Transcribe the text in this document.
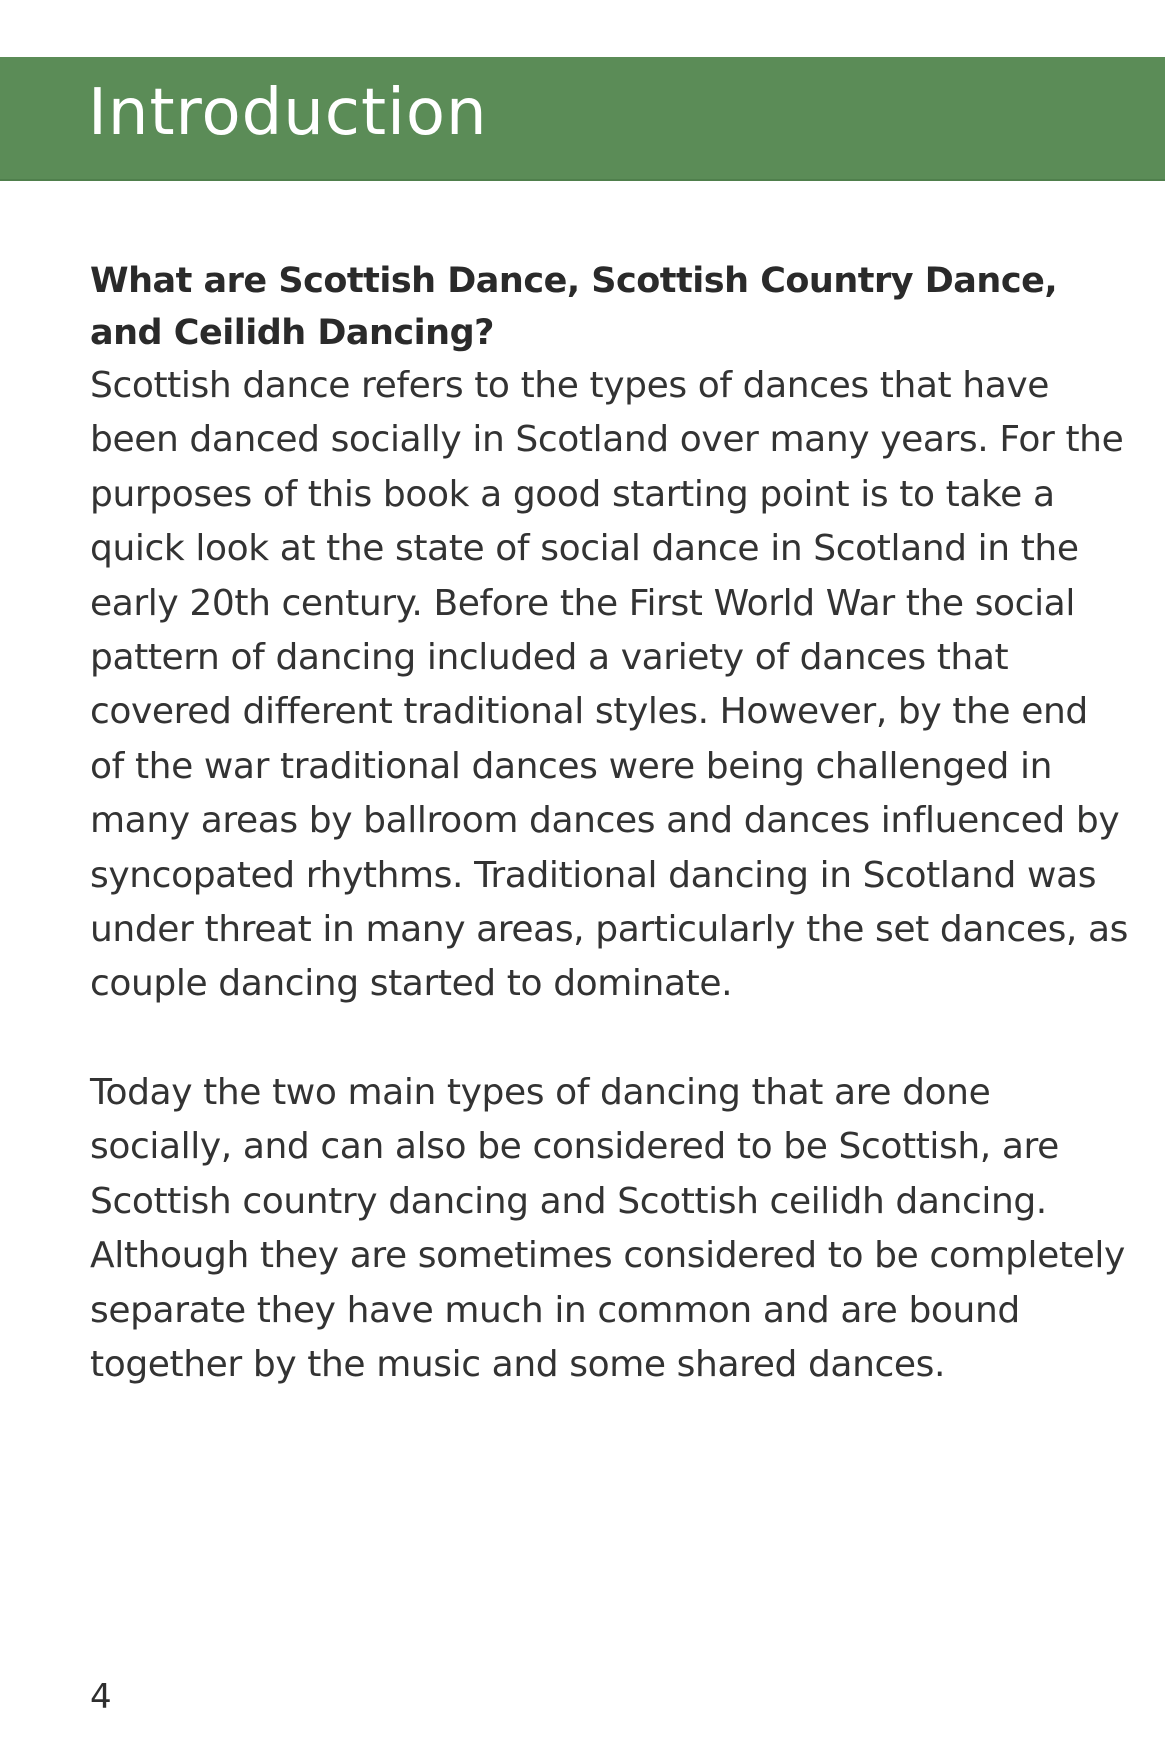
Introduction
What are Scottish Dance, Scottish Country Dance, and Ceilidh Dancing?

Scottish dance refers to the types of dances that have been danced socially in Scotland over many years. For the purposes of this book a good starting point is to take a quick look at the state of social dance in Scotland in the early 20th century. Before the First World War the social pattern of dancing included a variety of dances that covered different traditional styles. However, by the end of the war traditional dances were being challenged in many areas by ballroom dances and dances influenced by syncopated rhythms. Traditional dancing in Scotland was under threat in many areas, particularly the set dances, as couple dancing started to dominate.

Today the two main types of dancing that are done socially, and can also be considered to be Scottish, are Scottish country dancing and Scottish ceilidh dancing. Although they are sometimes considered to be completely separate they have much in common and are bound together by the music and some shared dances.

4
